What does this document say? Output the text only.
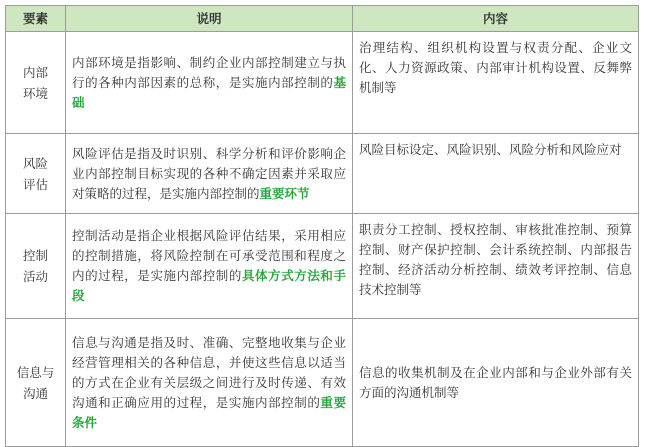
要素	说明	内容

内部
环境	内部环境是指影响、制约企业内部控制建立与执行的各种内部因素的总称，是实施内部控制的基础	治理结构、组织机构设置与权责分配、企业文化、人力资源政策、内部审计机构设置、反舞弊机制等

风险
评估	风险评估是指及时识别、科学分析和评价影响企业内部控制目标实现的各种不确定因素并采取应对策略的过程，是实施内部控制的重要环节	风险目标设定、风险识别、风险分析和风险应对

控制
活动	控制活动是指企业根据风险评估结果，采用相应的控制措施，将风险控制在可承受范围和程度之内的过程，是实施内部控制的具体方式方法和手段	职责分工控制、授权控制、审核批准控制、预算控制、财产保护控制、会计系统控制、内部报告控制、经济活动分析控制、绩效考评控制、信息技术控制等

信息与
沟通	信息与沟通是指及时、准确、完整地收集与企业经营管理相关的各种信息，并使这些信息以适当的方式在企业有关层级之间进行及时传递、有效沟通和正确应用的过程，是实施内部控制的重要条件	信息的收集机制及在企业内部和与企业外部有关方面的沟通机制等
